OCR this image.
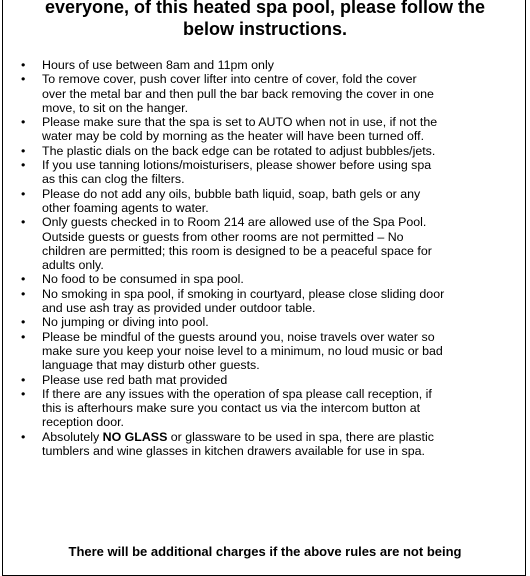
everyone, of this heated spa pool, please follow the
below instructions.
• Hours of use between 8am and 11pm only
• To remove cover, push cover lifter into centre of cover, fold the cover
over the metal bar and then pull the bar back removing the cover in one
move, to sit on the hanger.
• Please make sure that the spa is set to AUTO when not in use, if not the
water may be cold by morning as the heater will have been turned off.
• The plastic dials on the back edge can be rotated to adjust bubbles/jets.
• If you use tanning lotions/moisturisers, please shower before using spa
as this can clog the filters.
• Please do not add any oils, bubble bath liquid, soap, bath gels or any
other foaming agents to water.
• Only guests checked in to Room 214 are allowed use of the Spa Pool.
Outside guests or guests from other rooms are not permitted – No
children are permitted; this room is designed to be a peaceful space for
adults only.
• No food to be consumed in spa pool.
• No smoking in spa pool, if smoking in courtyard, please close sliding door
and use ash tray as provided under outdoor table.
• No jumping or diving into pool.
• Please be mindful of the guests around you, noise travels over water so
make sure you keep your noise level to a minimum, no loud music or bad
language that may disturb other guests.
• Please use red bath mat provided
• If there are any issues with the operation of spa please call reception, if
this is afterhours make sure you contact us via the intercom button at
reception door.
• Absolutely NO GLASS or glassware to be used in spa, there are plastic
tumblers and wine glasses in kitchen drawers available for use in spa.
There will be additional charges if the above rules are not being
